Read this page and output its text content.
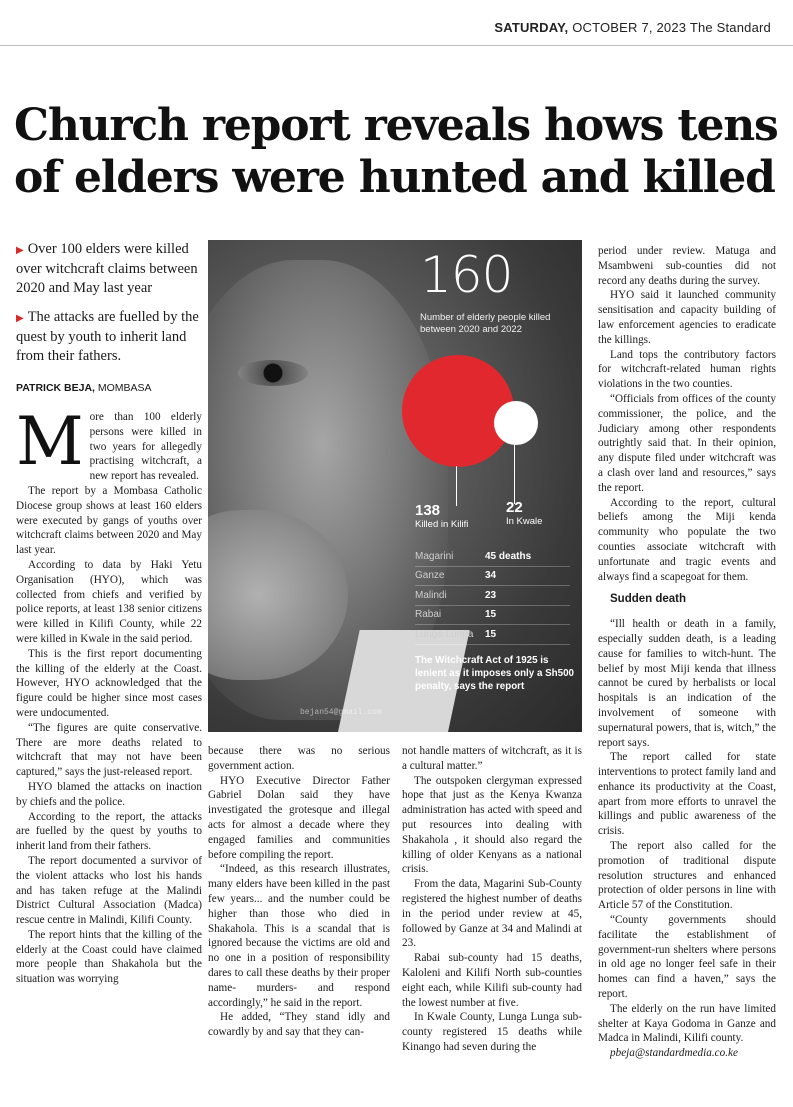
SATURDAY, OCTOBER 7, 2023 The Standard
Church report reveals hows tens of elders were hunted and killed
▶ Over 100 elders were killed over witchcraft claims between 2020 and May last year
▶ The attacks are fuelled by the quest by youth to inherit land from their fathers.
PATRICK BEJA, MOMBASA

More than 100 elderly persons were killed in two years for allegedly practising witchcraft, a new report has revealed.

The report by a Mombasa Catholic Diocese group shows at least 160 elders were executed by gangs of youths over witchcraft claims between 2020 and May last year.

According to data by Haki Yetu Organisation (HYO), which was collected from chiefs and verified by police reports, at least 138 senior citizens were killed in Kilifi County, while 22 were killed in Kwale in the said period.

This is the first report documenting the killing of the elderly at the Coast. However, HYO acknowledged that the figure could be higher since most cases were undocumented.

“The figures are quite conservative. There are more deaths related to witchcraft that may not have been captured,” says the just-released report.

HYO blamed the attacks on inaction by chiefs and the police.

According to the report, the attacks are fuelled by the quest by youths to inherit land from their fathers.

The report documented a survivor of the violent attacks who lost his hands and has taken refuge at the Malindi District Cultural Association (Madca) rescue centre in Malindi, Kilifi County.

The report hints that the killing of the elderly at the Coast could have claimed more people than Shakahola but the situation was worrying

160
Number of elderly people killed between 2020 and 2022
138
Killed in Kilifi
22
In Kwale
Magarini	45 deaths
Ganze	34
Malindi	23
Rabai	15
Lunga Lunga	15
The Witchcraft Act of 1925 is lenient as it imposes only a Sh500 penalty, says the report
bejan54@gmail.com

because there was no serious government action.

HYO Executive Director Father Gabriel Dolan said they have investigated the grotesque and illegal acts for almost a decade where they engaged families and communities before compiling the report.

“Indeed, as this research illustrates, many elders have been killed in the past few years... and the number could be higher than those who died in Shakahola. This is a scandal that is ignored because the victims are old and no one in a position of responsibility dares to call these deaths by their proper name- murders- and respond accordingly,” he said in the report.

He added, “They stand idly and cowardly by and say that they can-

not handle matters of witchcraft, as it is a cultural matter.”

The outspoken clergyman expressed hope that just as the Kenya Kwanza administration has acted with speed and put resources into dealing with Shakahola , it should also regard the killing of older Kenyans as a national crisis.

From the data, Magarini Sub-County registered the highest number of deaths in the period under review at 45, followed by Ganze at 34 and Malindi at 23.

Rabai sub-county had 15 deaths, Kaloleni and Kilifi North sub-counties eight each, while Kilifi sub-county had the lowest number at five.

In Kwale County, Lunga Lunga sub-county registered 15 deaths while Kinango had seven during the

period under review. Matuga and Msambweni sub-counties did not record any deaths during the survey.

HYO said it launched community sensitisation and capacity building of law enforcement agencies to eradicate the killings.

Land tops the contributory factors for witchcraft-related human rights violations in the two counties.

“Officials from offices of the county commissioner, the police, and the Judiciary among other respondents outrightly said that. In their opinion, any dispute filed under witchcraft was a clash over land and resources,” says the report.

According to the report, cultural beliefs among the Miji kenda community who populate the two counties associate witchcraft with unfortunate and tragic events and always find a scapegoat for them.

Sudden death

“Ill health or death in a family, especially sudden death, is a leading cause for families to witch-hunt. The belief by most Miji kenda that illness cannot be cured by herbalists or local hospitals is an indication of the involvement of someone with supernatural powers, that is, witch,” the report says.

The report called for state interventions to protect family land and enhance its productivity at the Coast, apart from more efforts to unravel the killings and public awareness of the crisis.

The report also called for the promotion of traditional dispute resolution structures and enhanced protection of older persons in line with Article 57 of the Constitution.

“County governments should facilitate the establishment of government-run shelters where persons in old age no longer feel safe in their homes can find a haven,” says the report.

The elderly on the run have limited shelter at Kaya Godoma in Ganze and Madca in Malindi, Kilifi county.

pbeja@standardmedia.co.ke
